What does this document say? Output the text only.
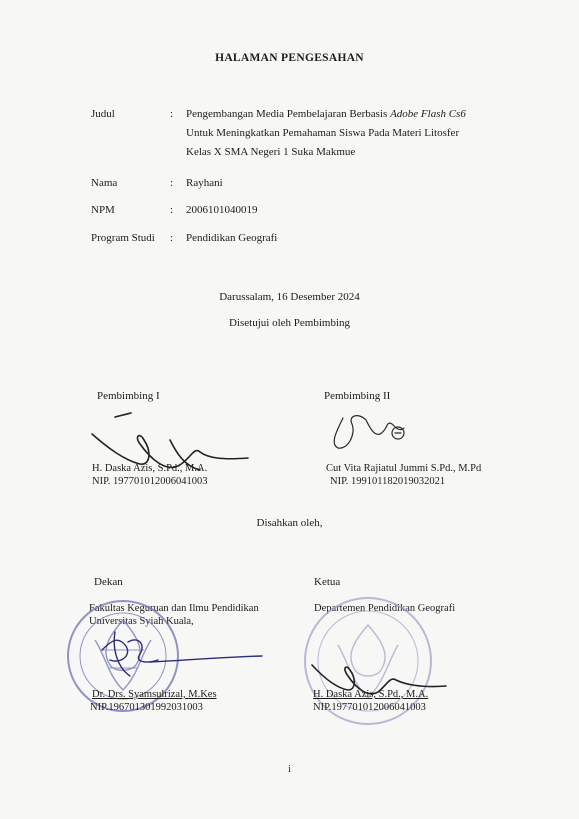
HALAMAN PENGESAHAN
Judul	: Pengembangan Media Pembelajaran Berbasis Adobe Flash Cs6
Untuk Meningkatkan Pemahaman Siswa Pada Materi Litosfer
Kelas X SMA Negeri 1 Suka Makmue
Nama	: Rayhani
NPM	: 2006101040019
Program Studi : Pendidikan Geografi
Darussalam, 16 Desember 2024
Disetujui oleh Pembimbing
Pembimbing I	Pembimbing II
H. Daska Azis, S.Pd., M.A.
NIP. 197701012006041003
Cut Vita Rajiatul Jummi S.Pd., M.Pd
NIP. 199101182019032021
Disahkan oleh,
Dekan	Ketua
Fakultas Keguruan dan Ilmu Pendidikan
Universitas Syiah Kuala,
Departemen Pendidikan Geografi
Dr. Drs. Syamsulrizal, M.Kes
NIP.196701301992031003
H. Daska Azis, S.Pd., M.A.
NIP.197701012006041003
i
